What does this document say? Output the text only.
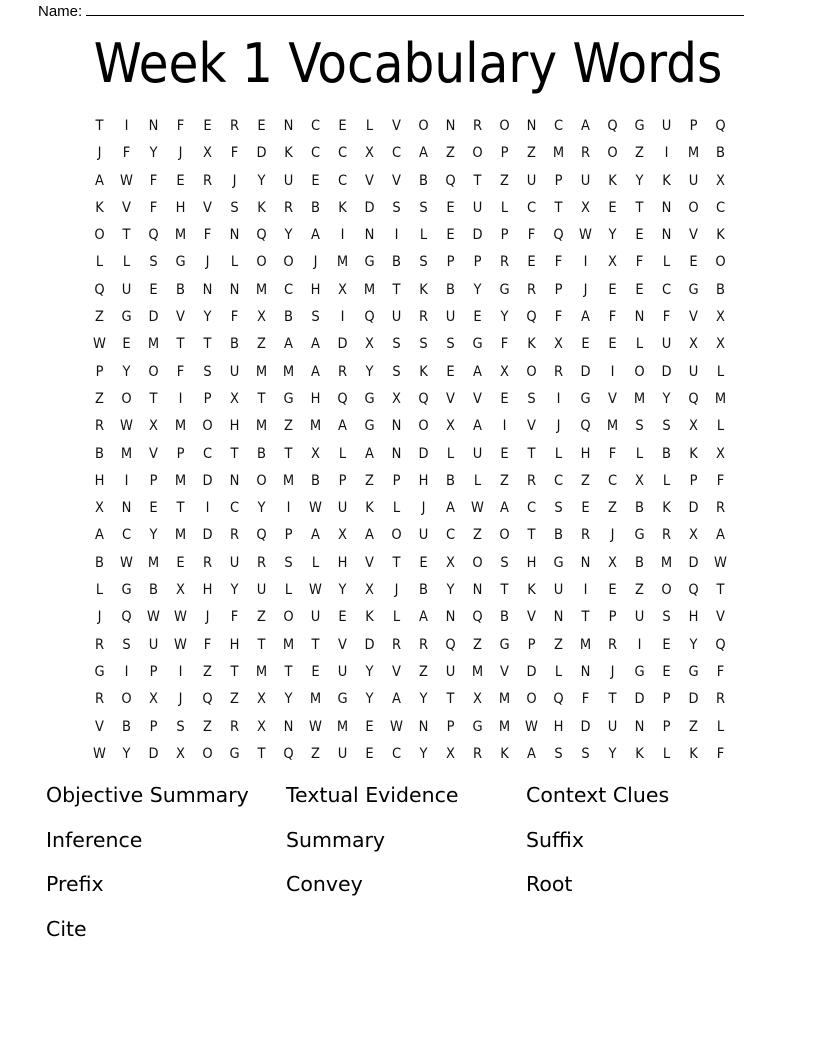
Name:
Week 1 Vocabulary Words
T	I	N	F	E	R	E	N	C	E	L	V	O	N	R	O	N	C	A	Q	G	U	P	Q
J	F	Y	J	X	F	D	K	C	C	X	C	A	Z	O	P	Z	M	R	O	Z	I	M	B
A	W	F	E	R	J	Y	U	E	C	V	V	B	Q	T	Z	U	P	U	K	Y	K	U	X
K	V	F	H	V	S	K	R	B	K	D	S	S	E	U	L	C	T	X	E	T	N	O	C
O	T	Q	M	F	N	Q	Y	A	I	N	I	L	E	D	P	F	Q	W	Y	E	N	V	K
L	L	S	G	J	L	O	O	J	M	G	B	S	P	P	R	E	F	I	X	F	L	E	O
Q	U	E	B	N	N	M	C	H	X	M	T	K	B	Y	G	R	P	J	E	E	C	G	B
Z	G	D	V	Y	F	X	B	S	I	Q	U	R	U	E	Y	Q	F	A	F	N	F	V	X
W	E	M	T	T	B	Z	A	A	D	X	S	S	S	G	F	K	X	E	E	L	U	X	X
P	Y	O	F	S	U	M	M	A	R	Y	S	K	E	A	X	O	R	D	I	O	D	U	L
Z	O	T	I	P	X	T	G	H	Q	G	X	Q	V	V	E	S	I	G	V	M	Y	Q	M
R	W	X	M	O	H	M	Z	M	A	G	N	O	X	A	I	V	J	Q	M	S	S	X	L
B	M	V	P	C	T	B	T	X	L	A	N	D	L	U	E	T	L	H	F	L	B	K	X
H	I	P	M	D	N	O	M	B	P	Z	P	H	B	L	Z	R	C	Z	C	X	L	P	F
X	N	E	T	I	C	Y	I	W	U	K	L	J	A	W	A	C	S	E	Z	B	K	D	R
A	C	Y	M	D	R	Q	P	A	X	A	O	U	C	Z	O	T	B	R	J	G	R	X	A
B	W	M	E	R	U	R	S	L	H	V	T	E	X	O	S	H	G	N	X	B	M	D	W
L	G	B	X	H	Y	U	L	W	Y	X	J	B	Y	N	T	K	U	I	E	Z	O	Q	T
J	Q	W W	J	F	Z	O	U	E	K	L	A	N	Q	B	V	N	T	P	U	S	H	V
R	S	U	W	F	H	T	M	T	V	D	R	R	Q	Z	G	P	Z	M	R	I	E	Y	Q
G	I	P	I	Z	T	M	T	E	U	Y	V	Z	U	M	V	D	L	N	J	G	E	G	F
R	O	X	J	Q	Z	X	Y	M	G	Y	A	Y	T	X	M	O	Q	F	T	D	P	D	R
V	B	P	S	Z	R	X	N	W	M	E	W	N	P	G	M	W	H	D	U	N	P	Z	L
W	Y	D	X	O	G	T	Q	Z	U	E	C	Y	X	R	K	A	S	S	Y	K	L	K	F
Objective Summary	Textual Evidence	Context Clues
Inference	Summary	Suffix
Prefix	Convey	Root
Cite
